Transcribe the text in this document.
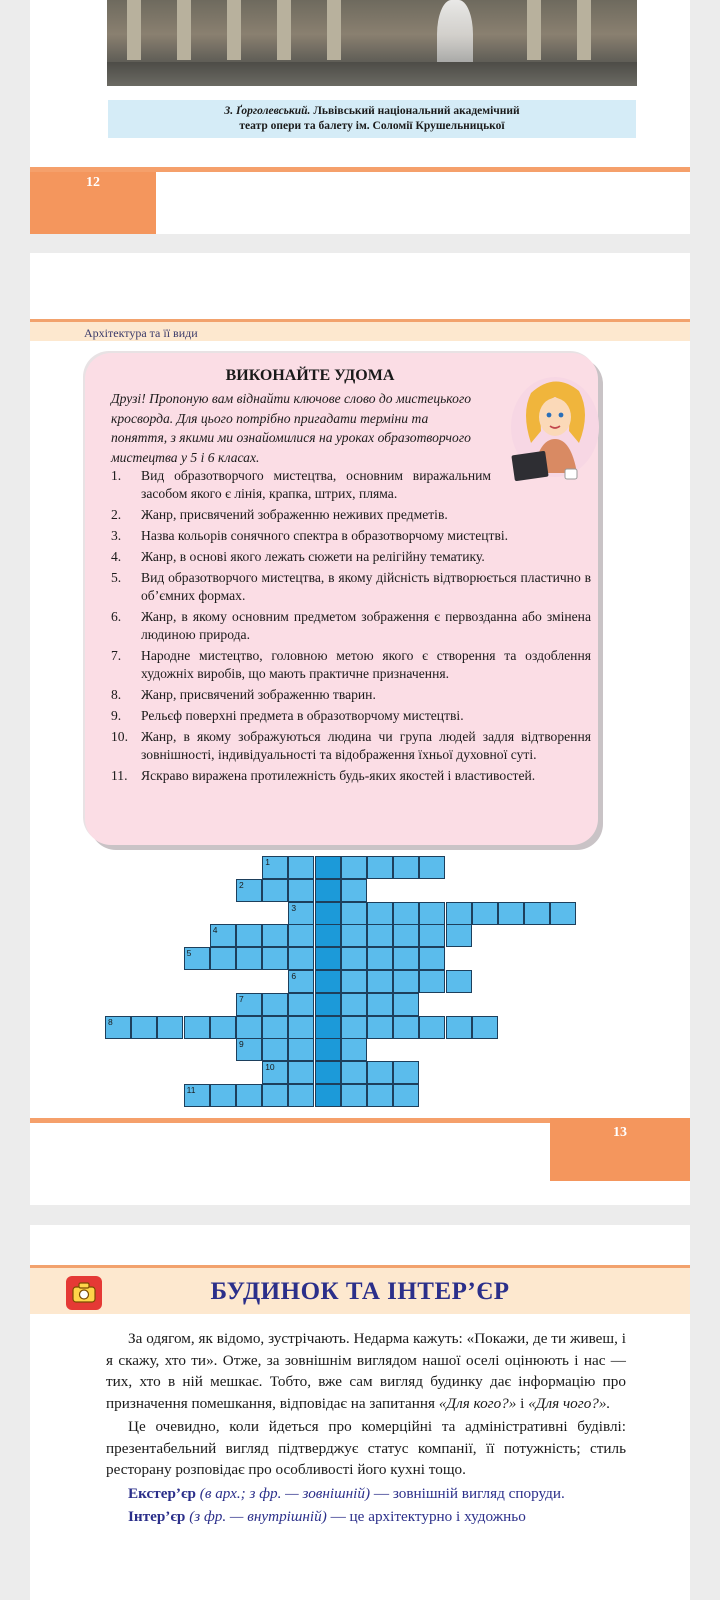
З. Ґорголевський. Львівський національний академічний
театр опери та балету ім. Соломії Крушельницької
12
Архітектура та її види
ВИКОНАЙТЕ УДОМА
Друзі! Пропоную вам віднайти ключове слово до мистецького кросворда. Для цього потрібно пригадати терміни та поняття, з якими ми ознайомилися на уроках образотворчого мистецтва у 5 і 6 класах.
1. Вид образотворчого мистецтва, основним виражальним засобом якого є лінія, крапка, штрих, пляма.
2. Жанр, присвячений зображенню неживих предметів.
3. Назва кольорів сонячного спектра в образотворчому мистецтві.
4. Жанр, в основі якого лежать сюжети на релігійну тематику.
5. Вид образотворчого мистецтва, в якому дійсність відтворюється пластично в об’ємних формах.
6. Жанр, в якому основним предметом зображення є первозданна або змінена людиною природа.
7. Народне мистецтво, головною метою якого є створення та оздоблення художніх виробів, що мають практичне призначення.
8. Жанр, присвячений зображенню тварин.
9. Рельєф поверхні предмета в образотворчому мистецтві.
10. Жанр, в якому зображуються людина чи група людей задля відтворення зовнішності, індивідуальності та відображення їхньої духовної суті.
11. Яскраво виражена протилежність будь-яких якостей і властивостей.
1
2
3
4
5
6
7
8
9
10
11
13
БУДИНОК ТА ІНТЕР’ЄР

За одягом, як відомо, зустрічають. Недарма кажуть: «Покажи, де ти живеш, і я скажу, хто ти». Отже, за зовнішнім виглядом нашої оселі оцінюють і нас — тих, хто в ній мешкає. Тобто, вже сам вигляд будинку дає інформацію про призначення помешкання, відповідає на запитання «Для кого?» і «Для чого?».

Це очевидно, коли йдеться про комерційні та адміністративні будівлі: презентабельний вигляд підтверджує статус компанії, її потужність; стиль ресторану розповідає про особливості його кухні тощо.

Екстер’єр (в арх.; з фр. — зовнішній) — зовнішній вигляд споруди.

Інтер’єр (з фр. — внутрішній) — це архітектурно і художньо
